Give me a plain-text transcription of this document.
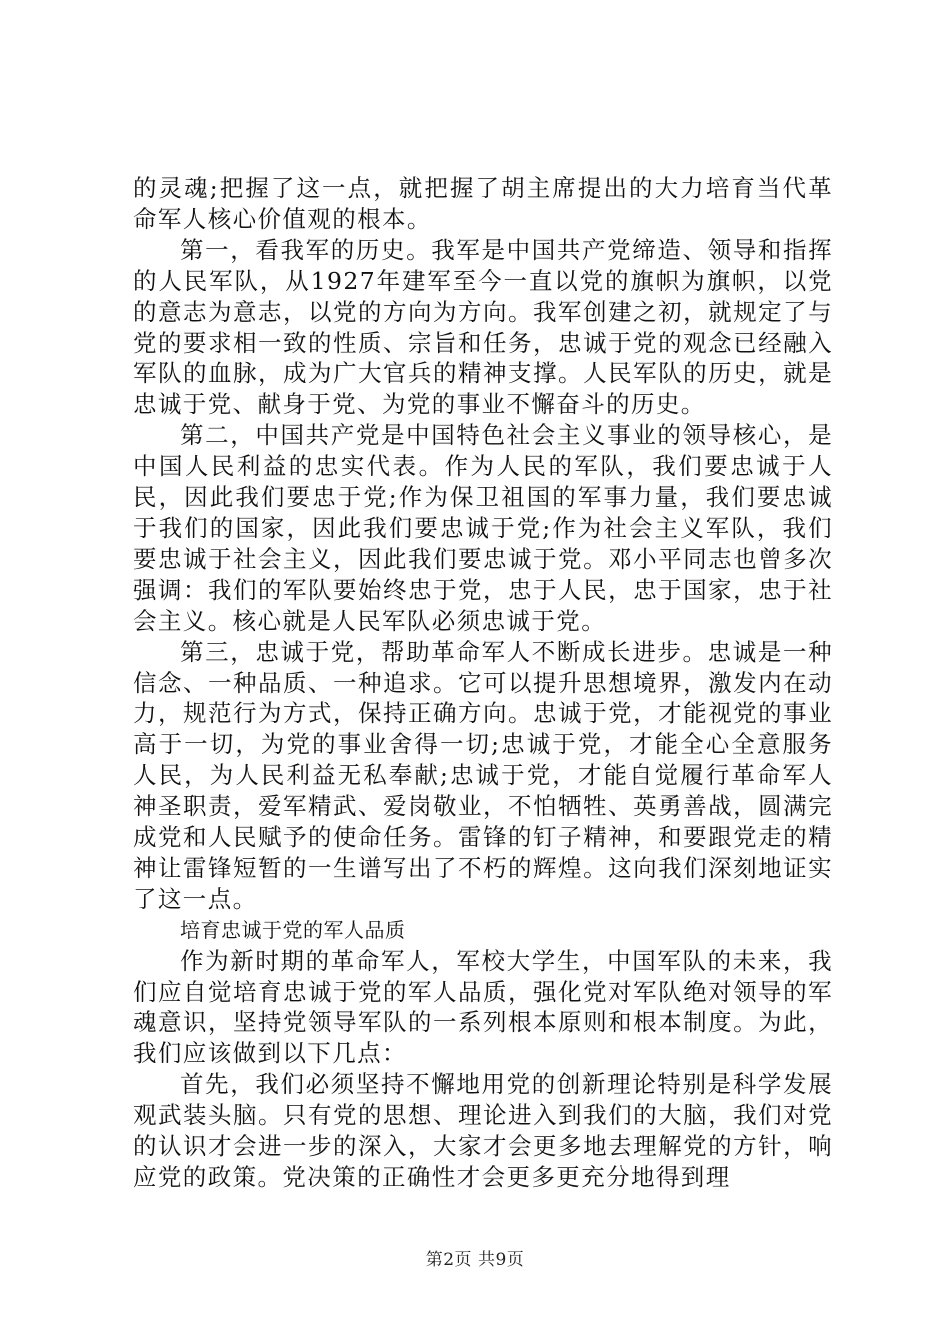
的灵魂;把握了这一点，就把握了胡主席提出的大力培育当代革命军人核心价值观的根本。

第一，看我军的历史。我军是中国共产党缔造、领导和指挥的人民军队，从1927年建军至今一直以党的旗帜为旗帜，以党的意志为意志，以党的方向为方向。我军创建之初，就规定了与党的要求相一致的性质、宗旨和任务，忠诚于党的观念已经融入军队的血脉，成为广大官兵的精神支撑。人民军队的历史，就是忠诚于党、献身于党、为党的事业不懈奋斗的历史。

第二，中国共产党是中国特色社会主义事业的领导核心，是中国人民利益的忠实代表。作为人民的军队，我们要忠诚于人民，因此我们要忠于党;作为保卫祖国的军事力量，我们要忠诚于我们的国家，因此我们要忠诚于党;作为社会主义军队，我们要忠诚于社会主义，因此我们要忠诚于党。邓小平同志也曾多次强调：我们的军队要始终忠于党，忠于人民，忠于国家，忠于社会主义。核心就是人民军队必须忠诚于党。

第三，忠诚于党，帮助革命军人不断成长进步。忠诚是一种信念、一种品质、一种追求。它可以提升思想境界，激发内在动力，规范行为方式，保持正确方向。忠诚于党，才能视党的事业高于一切，为党的事业舍得一切;忠诚于党，才能全心全意服务人民，为人民利益无私奉献;忠诚于党，才能自觉履行革命军人神圣职责，爱军精武、爱岗敬业，不怕牺牲、英勇善战，圆满完成党和人民赋予的使命任务。雷锋的钉子精神，和要跟党走的精神让雷锋短暂的一生谱写出了不朽的辉煌。这向我们深刻地证实了这一点。

培育忠诚于党的军人品质

作为新时期的革命军人，军校大学生，中国军队的未来，我们应自觉培育忠诚于党的军人品质，强化党对军队绝对领导的军魂意识，坚持党领导军队的一系列根本原则和根本制度。为此，我们应该做到以下几点：

首先，我们必须坚持不懈地用党的创新理论特别是科学发展观武装头脑。只有党的思想、理论进入到我们的大脑，我们对党的认识才会进一步的深入，大家才会更多地去理解党的方针，响应党的政策。党决策的正确性才会更多更充分地得到理

第2页 共9页
